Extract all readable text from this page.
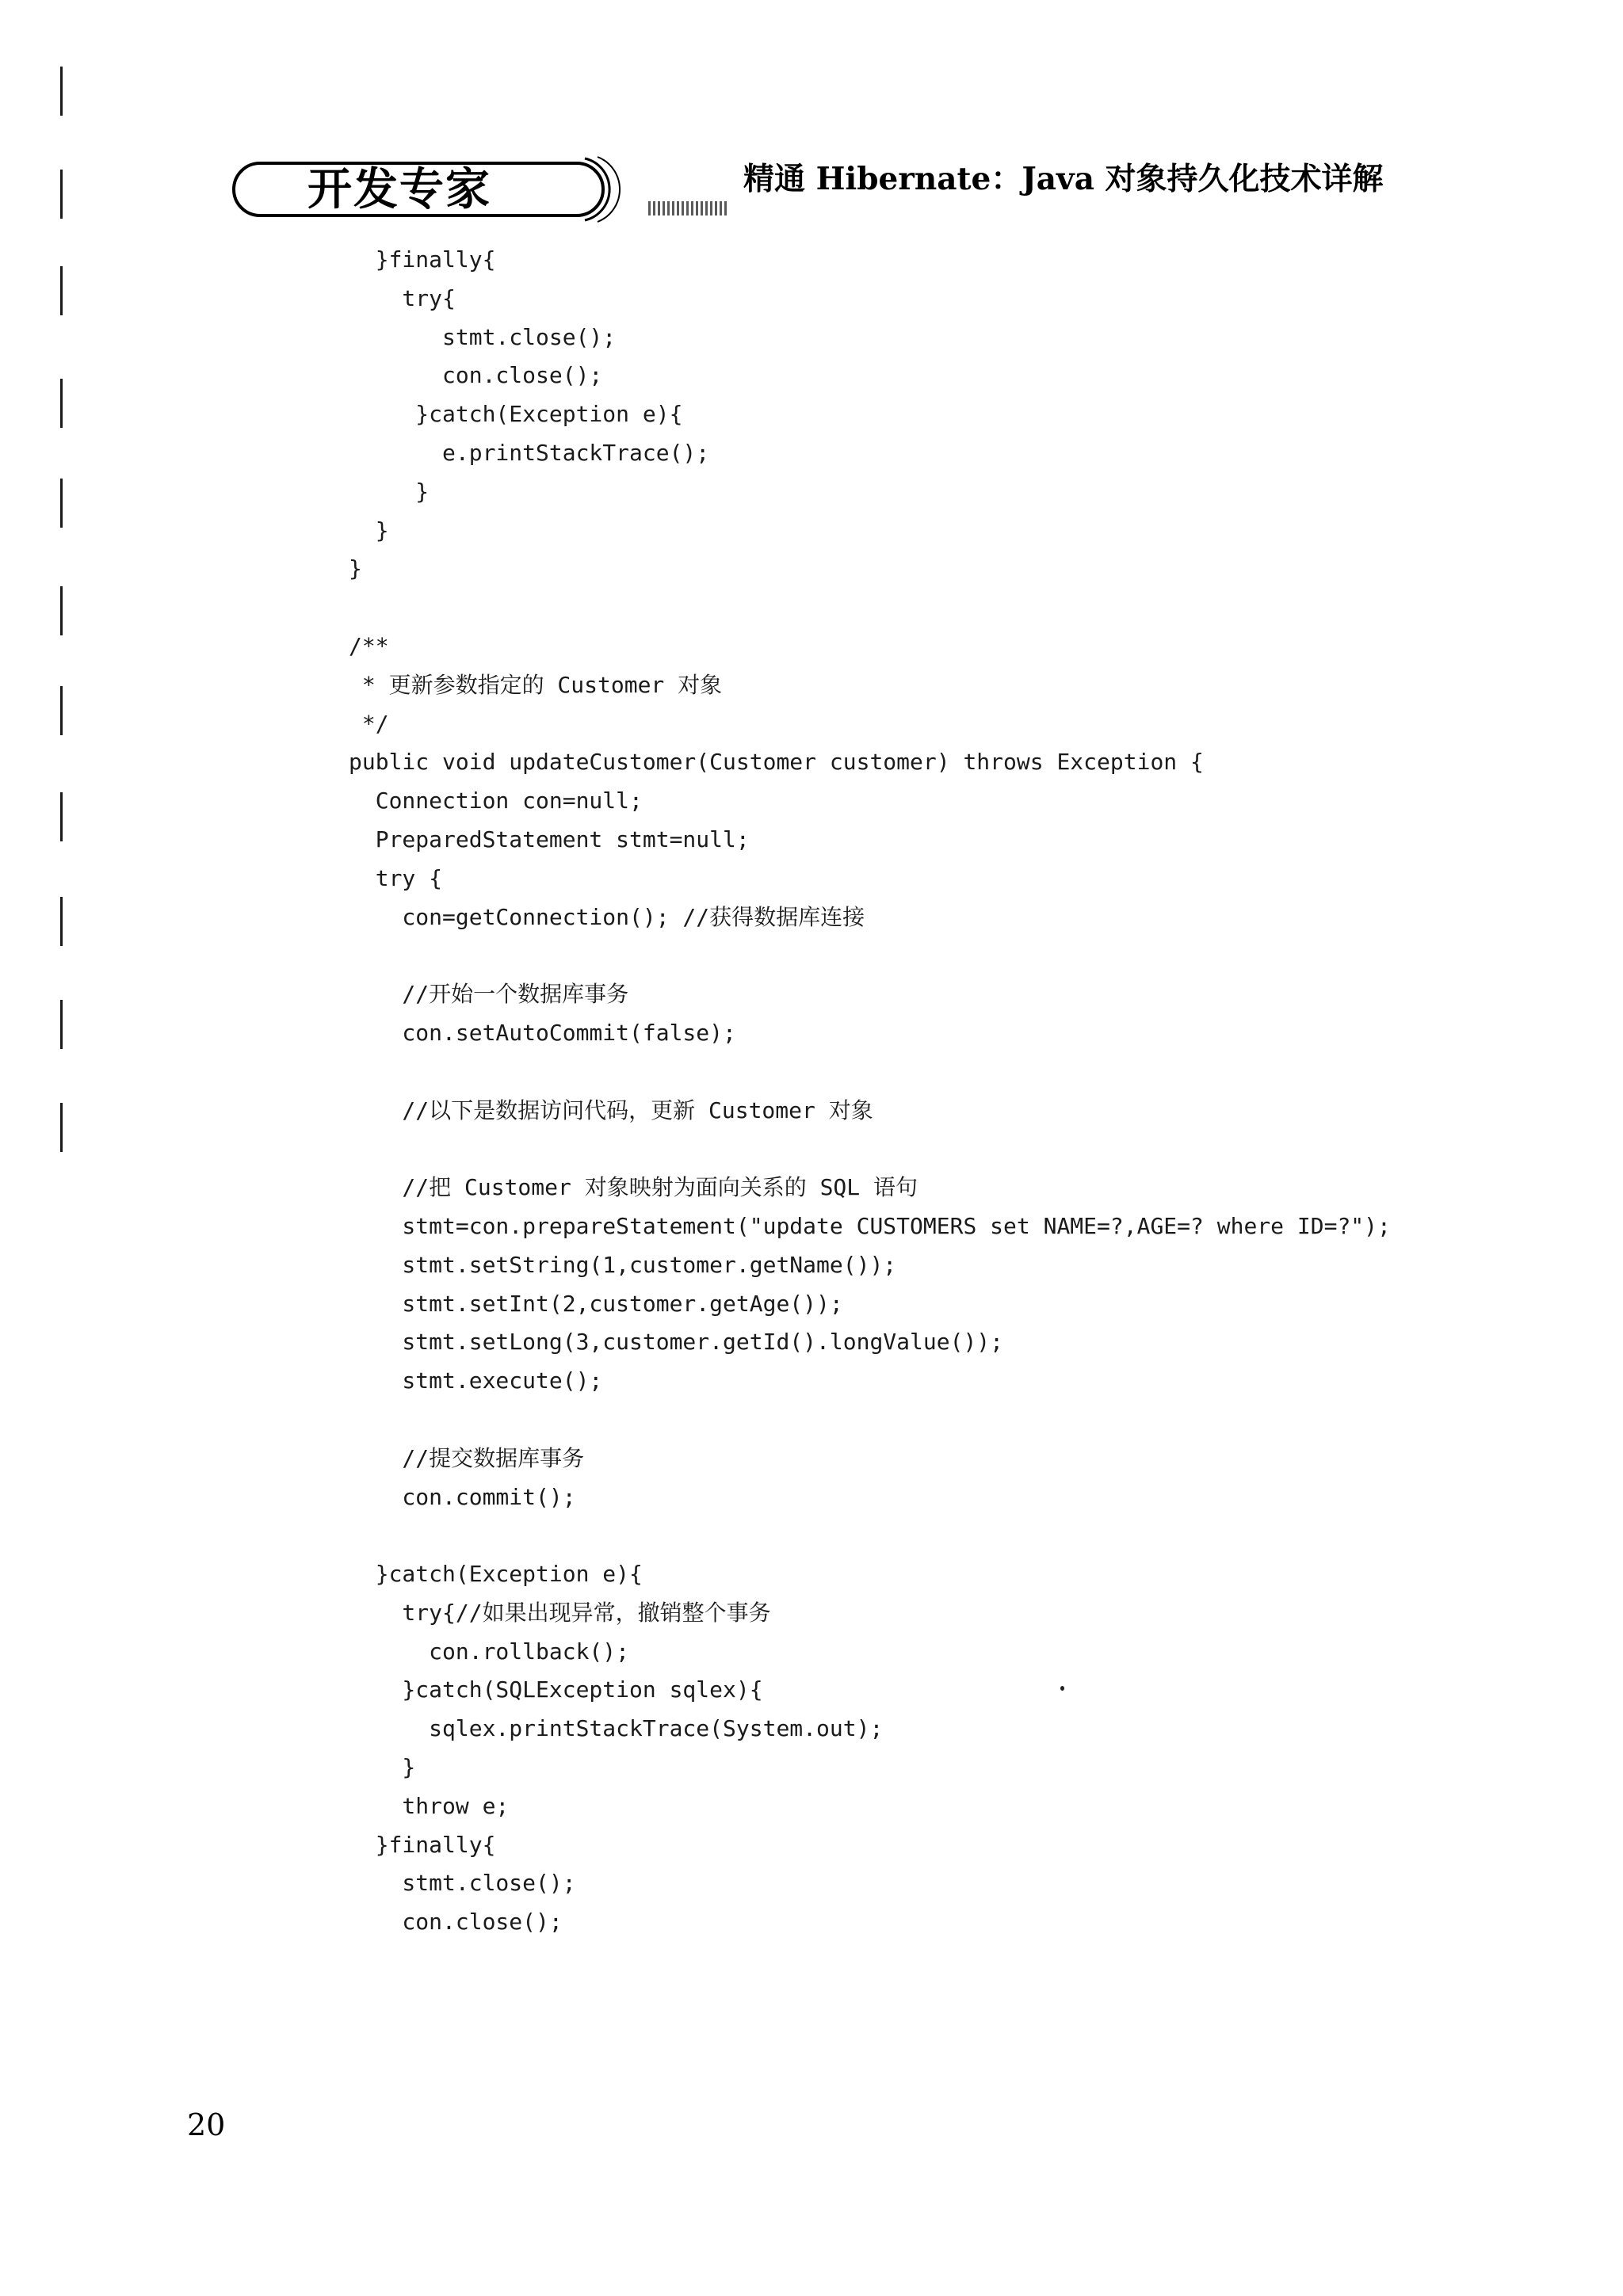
开发专家	精通 Hibernate：Java 对象持久化技术详解
}finally{
try{
stmt.close();
con.close();
}catch(Exception e){
e.printStackTrace();
}
}
}
/**
* 更新参数指定的 Customer 对象
*/
public void updateCustomer(Customer customer) throws Exception {
Connection con=null;
PreparedStatement stmt=null;
try {
con=getConnection(); //获得数据库连接
//开始一个数据库事务
con.setAutoCommit(false);
//以下是数据访问代码，更新 Customer 对象
//把 Customer 对象映射为面向关系的 SQL 语句
stmt=con.prepareStatement("update CUSTOMERS set NAME=?,AGE=? where ID=?");
stmt.setString(1,customer.getName());
stmt.setInt(2,customer.getAge());
stmt.setLong(3,customer.getId().longValue());
stmt.execute();
//提交数据库事务
con.commit();
}catch(Exception e){
try{//如果出现异常，撤销整个事务
con.rollback();
}catch(SQLException sqlex){
sqlex.printStackTrace(System.out);
}
throw e;
}finally{
stmt.close();
con.close();
20
